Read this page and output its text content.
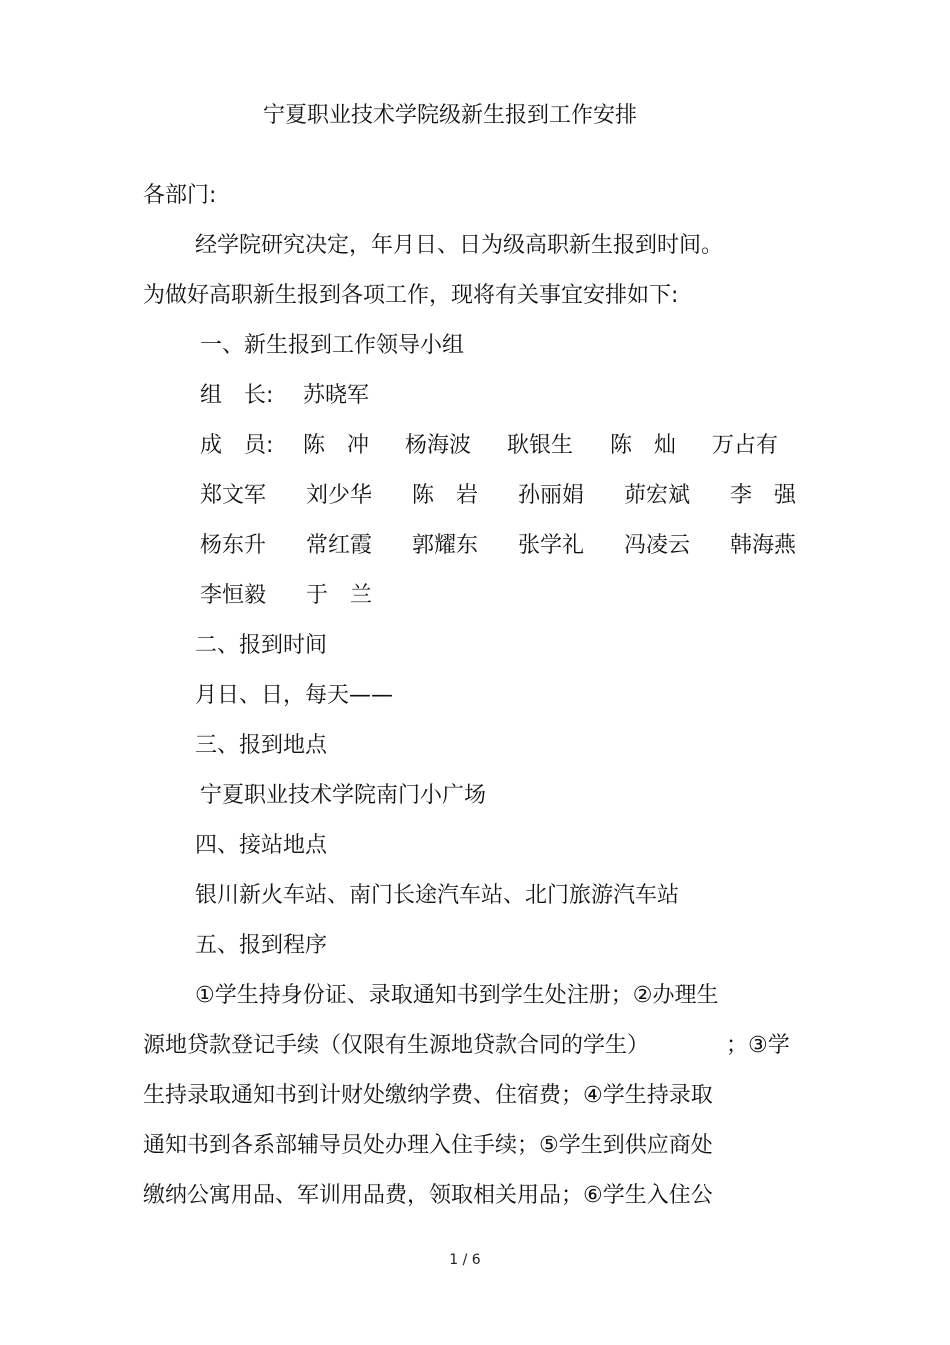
宁夏职业技术学院级新生报到工作安排
各部门:
经学院研究决定，年月日、日为级高职新生报到时间。
为做好高职新生报到各项工作，现将有关事宜安排如下:
一、新生报到工作领导小组
组　长: 苏晓军
成　员: 陈　冲 杨海波 耿银生 陈　灿 万占有
郑文军 刘少华 陈　岩 孙丽娟 茆宏斌 李　强
杨东升 常红霞 郭耀东 张学礼 冯凌云 韩海燕
李恒毅 于　兰
二、报到时间
月日、日，每天——
三、报到地点
宁夏职业技术学院南门小广场
四、接站地点
银川新火车站、南门长途汽车站、北门旅游汽车站
五、报到程序
①学生持身份证、录取通知书到学生处注册；②办理生
源地贷款登记手续（仅限有生源地贷款合同的学生）	；③学
生持录取通知书到计财处缴纳学费、住宿费；④学生持录取
通知书到各系部辅导员处办理入住手续；⑤学生到供应商处
缴纳公寓用品、军训用品费，领取相关用品；⑥学生入住公
1 / 6
